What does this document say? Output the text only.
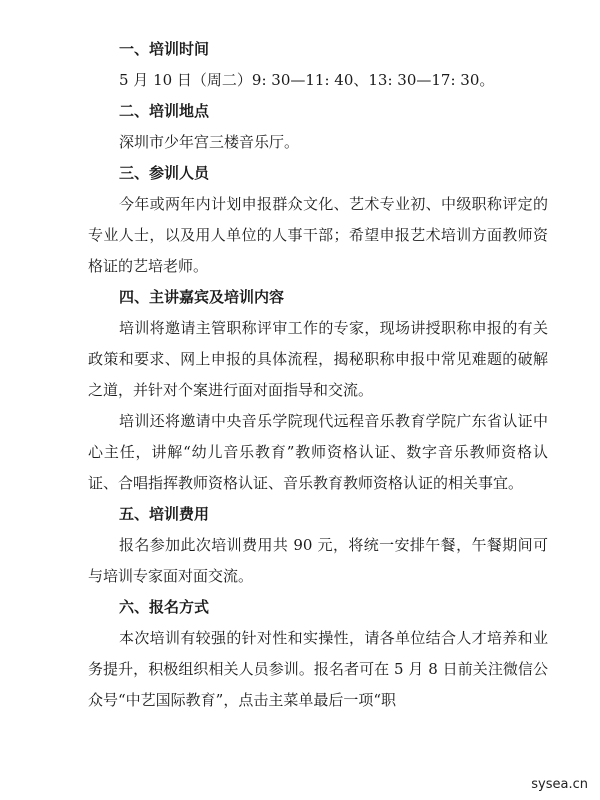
一、培训时间

5 月 10 日（周二）9: 30—11: 40、13: 30—17: 30。

二、培训地点

深圳市少年宫三楼音乐厅。

三、参训人员

今年或两年内计划申报群众文化、艺术专业初、中级职称评定的专业人士，以及用人单位的人事干部；希望申报艺术培训方面教师资格证的艺培老师。

四、主讲嘉宾及培训内容

培训将邀请主管职称评审工作的专家，现场讲授职称申报的有关政策和要求、网上申报的具体流程，揭秘职称申报中常见难题的破解之道，并针对个案进行面对面指导和交流。

培训还将邀请中央音乐学院现代远程音乐教育学院广东省认证中心主任，讲解“幼儿音乐教育”教师资格认证、数字音乐教师资格认证、合唱指挥教师资格认证、音乐教育教师资格认证的相关事宜。

五、培训费用

报名参加此次培训费用共 90 元，将统一安排午餐，午餐期间可与培训专家面对面交流。

六、报名方式

本次培训有较强的针对性和实操性，请各单位结合人才培养和业务提升，积极组织相关人员参训。报名者可在 5 月 8 日前关注微信公众号“中艺国际教育”，点击主菜单最后一项“职

sysea.cn
